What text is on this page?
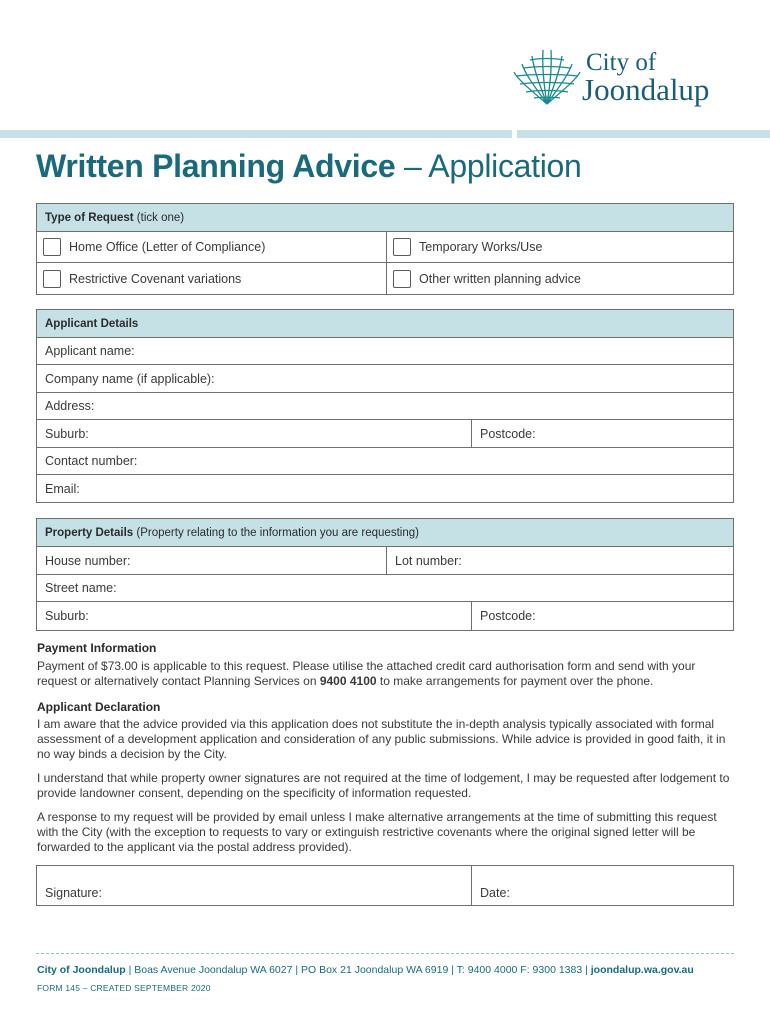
City of
Joondalup
Written Planning Advice – Application
Type of Request (tick one)
Home Office (Letter of Compliance)	Temporary Works/Use
Restrictive Covenant variations	Other written planning advice
Applicant Details
Applicant name:
Company name (if applicable):
Address:
Suburb:	Postcode:
Contact number:
Email:
Property Details (Property relating to the information you are requesting)
House number:	Lot number:
Street name:
Suburb:	Postcode:
Payment Information
Payment of $73.00 is applicable to this request. Please utilise the attached credit card authorisation form and send with your request or alternatively contact Planning Services on 9400 4100 to make arrangements for payment over the phone.
Applicant Declaration
I am aware that the advice provided via this application does not substitute the in-depth analysis typically associated with formal assessment of a development application and consideration of any public submissions. While advice is provided in good faith, it in no way binds a decision by the City.
I understand that while property owner signatures are not required at the time of lodgement, I may be requested after lodgement to provide landowner consent, depending on the specificity of information requested.
A response to my request will be provided by email unless I make alternative arrangements at the time of submitting this request with the City (with the exception to requests to vary or extinguish restrictive covenants where the original signed letter will be forwarded to the applicant via the postal address provided).
Signature:	Date:
City of Joondalup | Boas Avenue Joondalup WA 6027 | PO Box 21 Joondalup WA 6919 | T: 9400 4000 F: 9300 1383 | joondalup.wa.gov.au
FORM 145 – CREATED SEPTEMBER 2020
